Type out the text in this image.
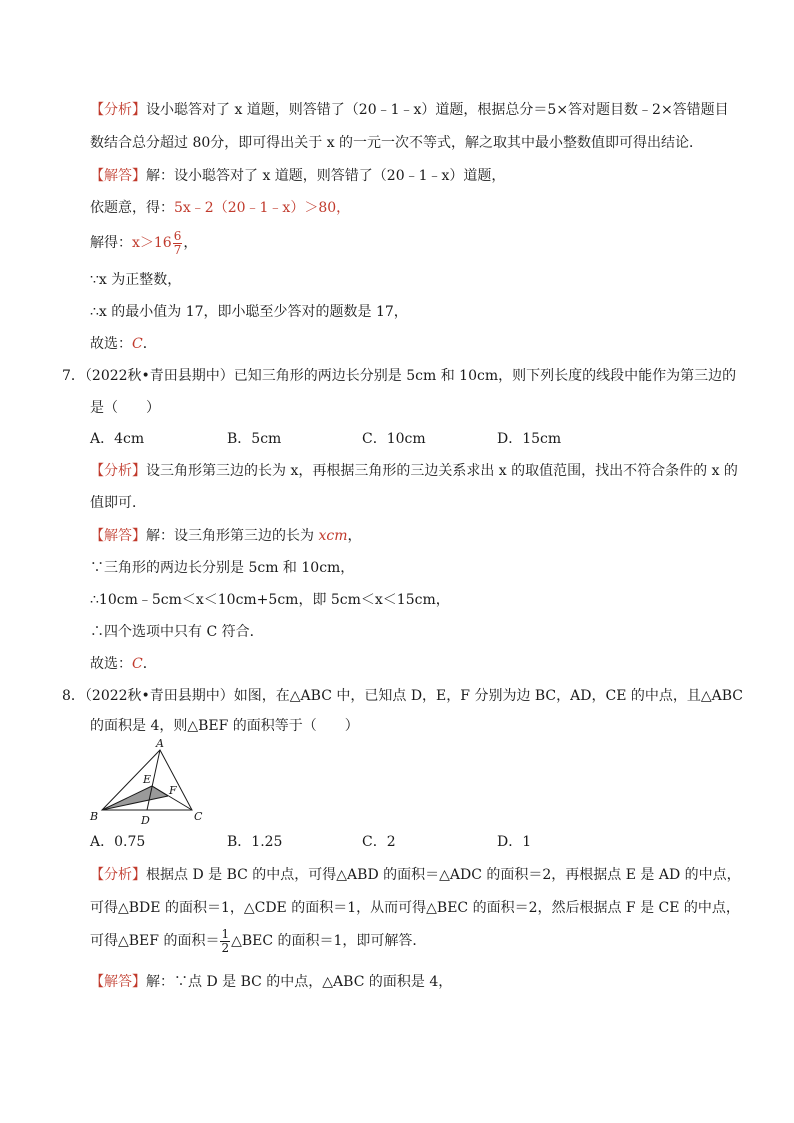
【分析】设小聪答对了 x 道题，则答错了（20﹣1﹣x）道题，根据总分＝5×答对题目数﹣2×答错题目
数结合总分超过 80分，即可得出关于 x 的一元一次不等式，解之取其中最小整数值即可得出结论．
【解答】解：设小聪答对了 x 道题，则答错了（20﹣1﹣x）道题，
依题意，得：5x﹣2（20﹣1﹣x）＞80，
解得：$x>16 \frac{6}{7}$ ，
∵x 为正整数，
∴x 的最小值为 17，即小聪至少答对的题数是 17，
故选：C．
7．（2022秋•青田县期中）已知三角形的两边长分别是 5cm 和 10cm，则下列长度的线段中能作为第三边的
是（　　）
A．4cm	B．5cm	C．10cm	D．15cm
【分析】设三角形第三边的长为 x，再根据三角形的三边关系求出 x 的取值范围，找出不符合条件的 x 的
值即可．
【解答】解：设三角形第三边的长为 xcm，
∵三角形的两边长分别是 5cm 和 10cm，
∴10cm﹣5cm＜x＜10cm+5cm，即 5cm＜x＜15cm，
∴四个选项中只有 C 符合．
故选：C．
8．（2022秋•青田县期中）如图，在△ABC 中，已知点 D，E，F 分别为边 BC，AD，CE 的中点，且△ABC
的面积是 4，则△BEF 的面积等于（　　）
A
B	C
D
E
F
A．0.75	B．1.25	C．2	D．1
【分析】根据点 D 是 BC 的中点，可得△ABD 的面积＝△ADC 的面积＝2，再根据点 E 是 AD 的中点，
可得△BDE 的面积＝1，△CDE 的面积＝1，从而可得△BEC 的面积＝2，然后根据点 F 是 CE 的中点，
可得△BEF 的面积＝ $\frac{1}{2}$ △BEC 的面积＝1，即可解答．
【解答】解：∵点 D 是 BC 的中点，△ABC 的面积是 4，
